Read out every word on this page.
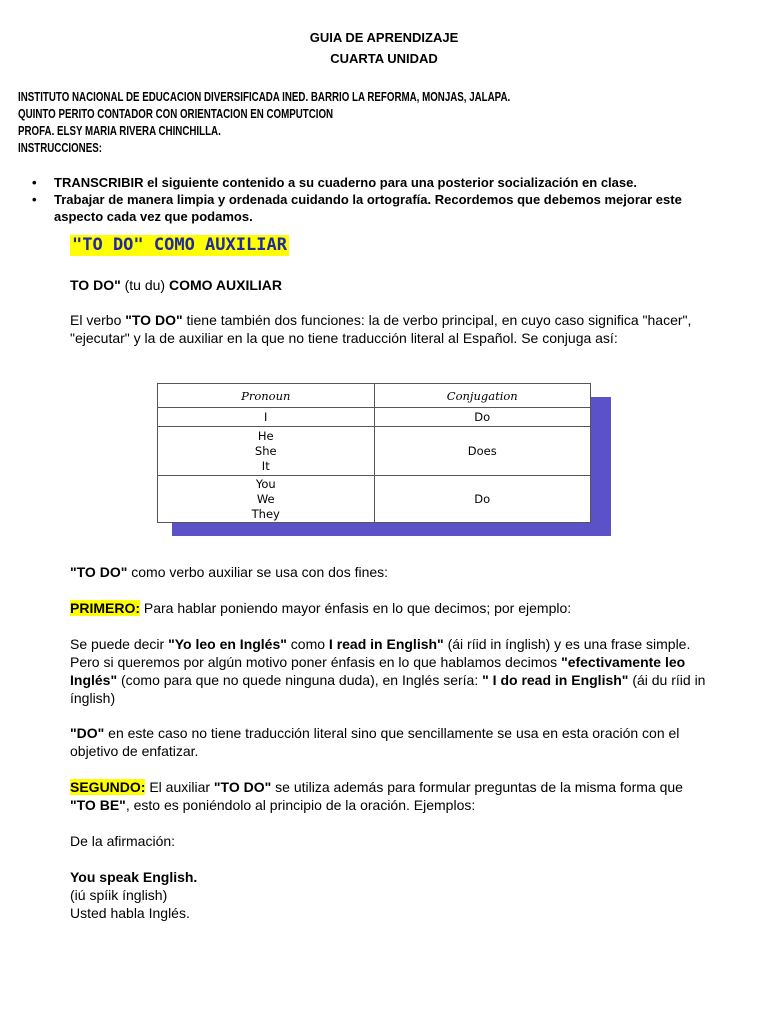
GUIA DE APRENDIZAJE
CUARTA UNIDAD
INSTITUTO NACIONAL DE EDUCACION DIVERSIFICADA INED. BARRIO LA REFORMA, MONJAS, JALAPA.
QUINTO PERITO CONTADOR CON ORIENTACION EN COMPUTCION
PROFA. ELSY MARIA RIVERA CHINCHILLA.
INSTRUCCIONES:
• TRANSCRIBIR el siguiente contenido a su cuaderno para una posterior socialización en clase.
• Trabajar de manera limpia y ordenada cuidando la ortografía. Recordemos que debemos mejorar este aspecto cada vez que podamos.
"TO DO" COMO AUXILIAR
TO DO" (tu du) COMO AUXILIAR
El verbo "TO DO" tiene también dos funciones: la de verbo principal, en cuyo caso significa "hacer", "ejecutar" y la de auxiliar en la que no tiene traducción literal al Español. Se conjuga así:
Pronoun	Conjugation
I	Do

He
She
It	Does

You
We
They	Do
"TO DO" como verbo auxiliar se usa con dos fines:
PRIMERO: Para hablar poniendo mayor énfasis en lo que decimos; por ejemplo:
Se puede decir "Yo leo en Inglés" como I read in English" (ái ríid in ínglish) y es una frase simple. Pero si queremos por algún motivo poner énfasis en lo que hablamos decimos "efectivamente leo Inglés" (como para que no quede ninguna duda), en Inglés sería: " I do read in English" (ái du ríid in ínglish)
"DO" en este caso no tiene traducción literal sino que sencillamente se usa en esta oración con el objetivo de enfatizar.
SEGUNDO: El auxiliar "TO DO" se utiliza además para formular preguntas de la misma forma que "TO BE", esto es poniéndolo al principio de la oración. Ejemplos:
De la afirmación:
You speak English.
(iú spíik ínglish)
Usted habla Inglés.
